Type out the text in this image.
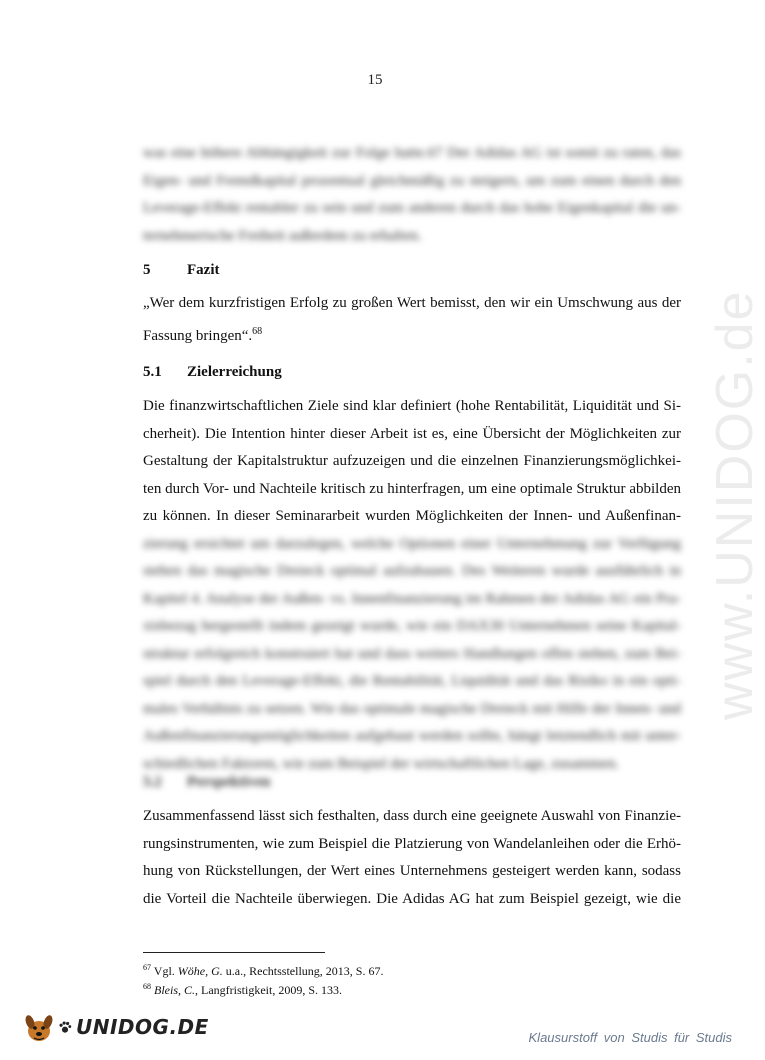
www.UNIDOG.de
15
was eine höhere Abhängigkeit zur Folge hatte.67 Der Adidas AG ist somit zu raten, das
Eigen- und Fremdkapital prozentual gleichmäßig zu steigern, um zum einen durch den
Leverage-Effekt rentabler zu sein und zum anderen durch das hohe Eigenkapital die un-
ternehmerische Freiheit außerdem zu erhalten.
5 Fazit
„Wer dem kurzfristigen Erfolg zu großen Wert bemisst, den wir ein Umschwung aus der
Fassung bringen“.$^{68}$
5.1 Zielerreichung
Die finanzwirtschaftlichen Ziele sind klar definiert (hohe Rentabilität, Liquidität und Si-
cherheit). Die Intention hinter dieser Arbeit ist es, eine Übersicht der Möglichkeiten zur
Gestaltung der Kapitalstruktur aufzuzeigen und die einzelnen Finanzierungsmöglichkei-
ten durch Vor- und Nachteile kritisch zu hinterfragen, um eine optimale Struktur abbilden
zu können. In dieser Seminararbeit wurden Möglichkeiten der Innen- und Außenfinan-
zierung ersichtet um darzulegen, welche Optionen einer Unternehmung zur Verfügung
stehen das magische Dreieck optimal aufzubauen. Des Weiteren wurde ausführlich in
Kapitel 4. Analyse der Außen- vs. Innenfinanzierung im Rahmen der Adidas AG ein Pra-
xisbezug hergestellt indem gezeigt wurde, wie ein DAX30 Unternehmen seine Kapital-
struktur erfolgreich konstruiert hat und dass weiters Handlungen offen stehen, zum Bei-
spiel durch den Leverage-Effekt, die Rentabilität, Liquidität und das Risiko in ein opti-
males Verhältnis zu setzen. Wie das optimale magische Dreieck mit Hilfe der Innen- und
Außenfinanzierungsmöglichkeiten aufgebaut werden sollte, hängt letztendlich mit unter-
schiedlichen Faktoren, wie zum Beispiel der wirtschaftlichen Lage, zusammen.
5.2 Perspektiven
Zusammenfassend lässt sich festhalten, dass durch eine geeignete Auswahl von Finanzie-
rungsinstrumenten, wie zum Beispiel die Platzierung von Wandelanleihen oder die Erhö-
hung von Rückstellungen, der Wert eines Unternehmens gesteigert werden kann, sodass
die Vorteil die Nachteile überwiegen. Die Adidas AG hat zum Beispiel gezeigt, wie die
$^{67}$ Vgl. Wöhe, G. u.a., Rechtsstellung, 2013, S. 67.
$^{68}$ Bleis, C., Langfristigkeit, 2009, S. 133.
UNIDOG.DE	Klausurstoff von Studis für Studis
